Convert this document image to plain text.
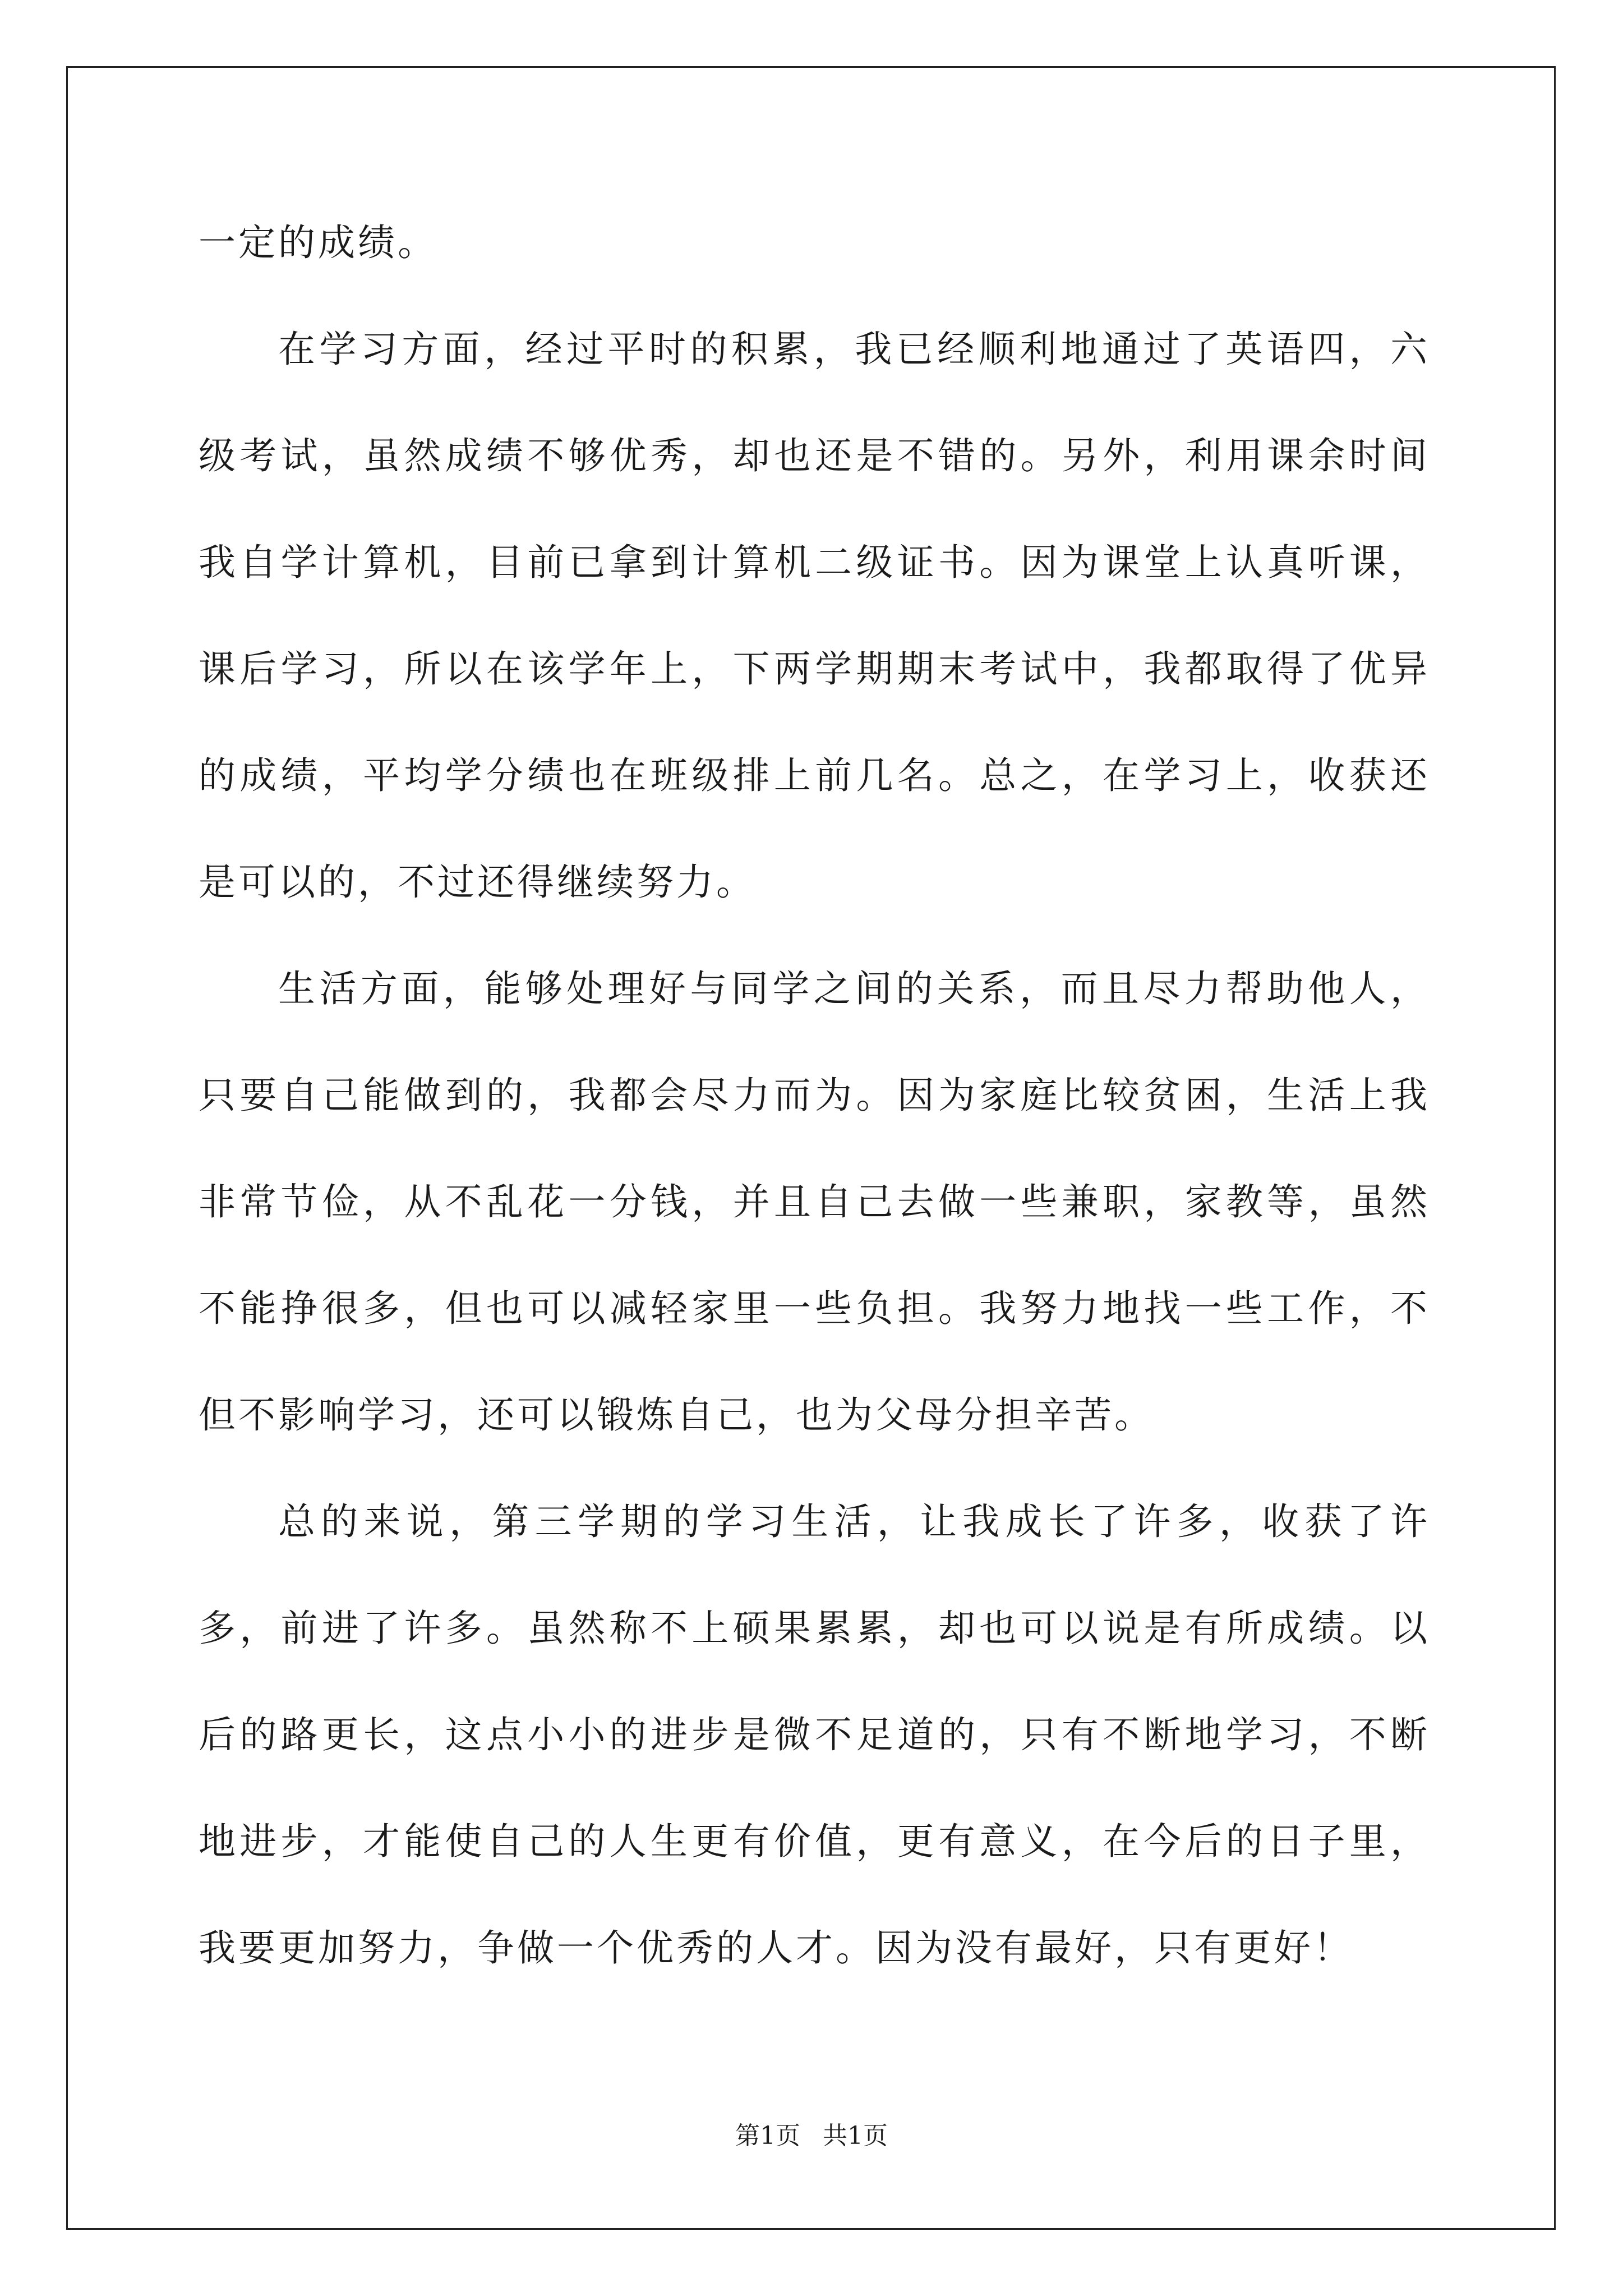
一定的成绩。

在学习方面，经过平时的积累，我已经顺利地通过了英语四，六级考试，虽然成绩不够优秀，却也还是不错的。另外，利用课余时间我自学计算机，目前已拿到计算机二级证书。因为课堂上认真听课，课后学习，所以在该学年上，下两学期期末考试中，我都取得了优异的成绩，平均学分绩也在班级排上前几名。总之，在学习上，收获还是可以的，不过还得继续努力。

生活方面，能够处理好与同学之间的关系，而且尽力帮助他人，只要自己能做到的，我都会尽力而为。因为家庭比较贫困，生活上我非常节俭，从不乱花一分钱，并且自己去做一些兼职，家教等，虽然不能挣很多，但也可以减轻家里一些负担。我努力地找一些工作，不但不影响学习，还可以锻炼自己，也为父母分担辛苦。

总的来说，第三学期的学习生活，让我成长了许多，收获了许多，前进了许多。虽然称不上硕果累累，却也可以说是有所成绩。以后的路更长，这点小小的进步是微不足道的，只有不断地学习，不断地进步，才能使自己的人生更有价值，更有意义，在今后的日子里，我要更加努力，争做一个优秀的人才。因为没有最好，只有更好！

第1页 共1页
